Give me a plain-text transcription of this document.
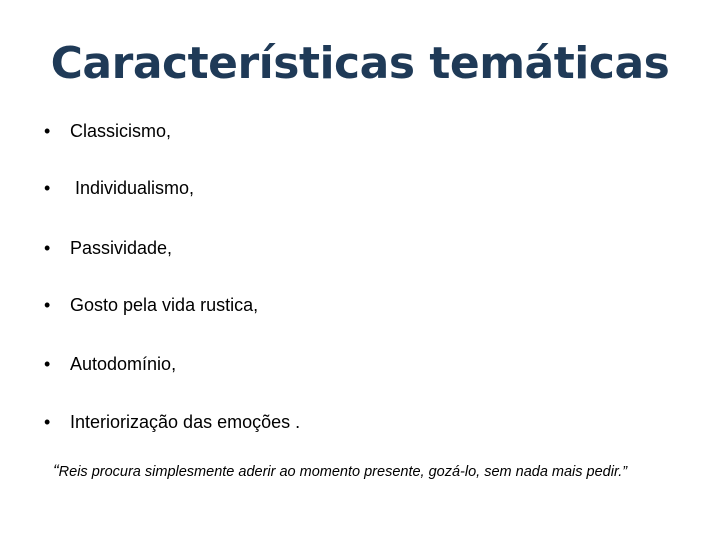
Características temáticas
• Classicismo,
• Individualismo,
• Passividade,
• Gosto pela vida rustica,
• Autodomínio,
• Interiorização das emoções .
“Reis procura simplesmente aderir ao momento presente, gozá-lo, sem nada mais pedir.”
